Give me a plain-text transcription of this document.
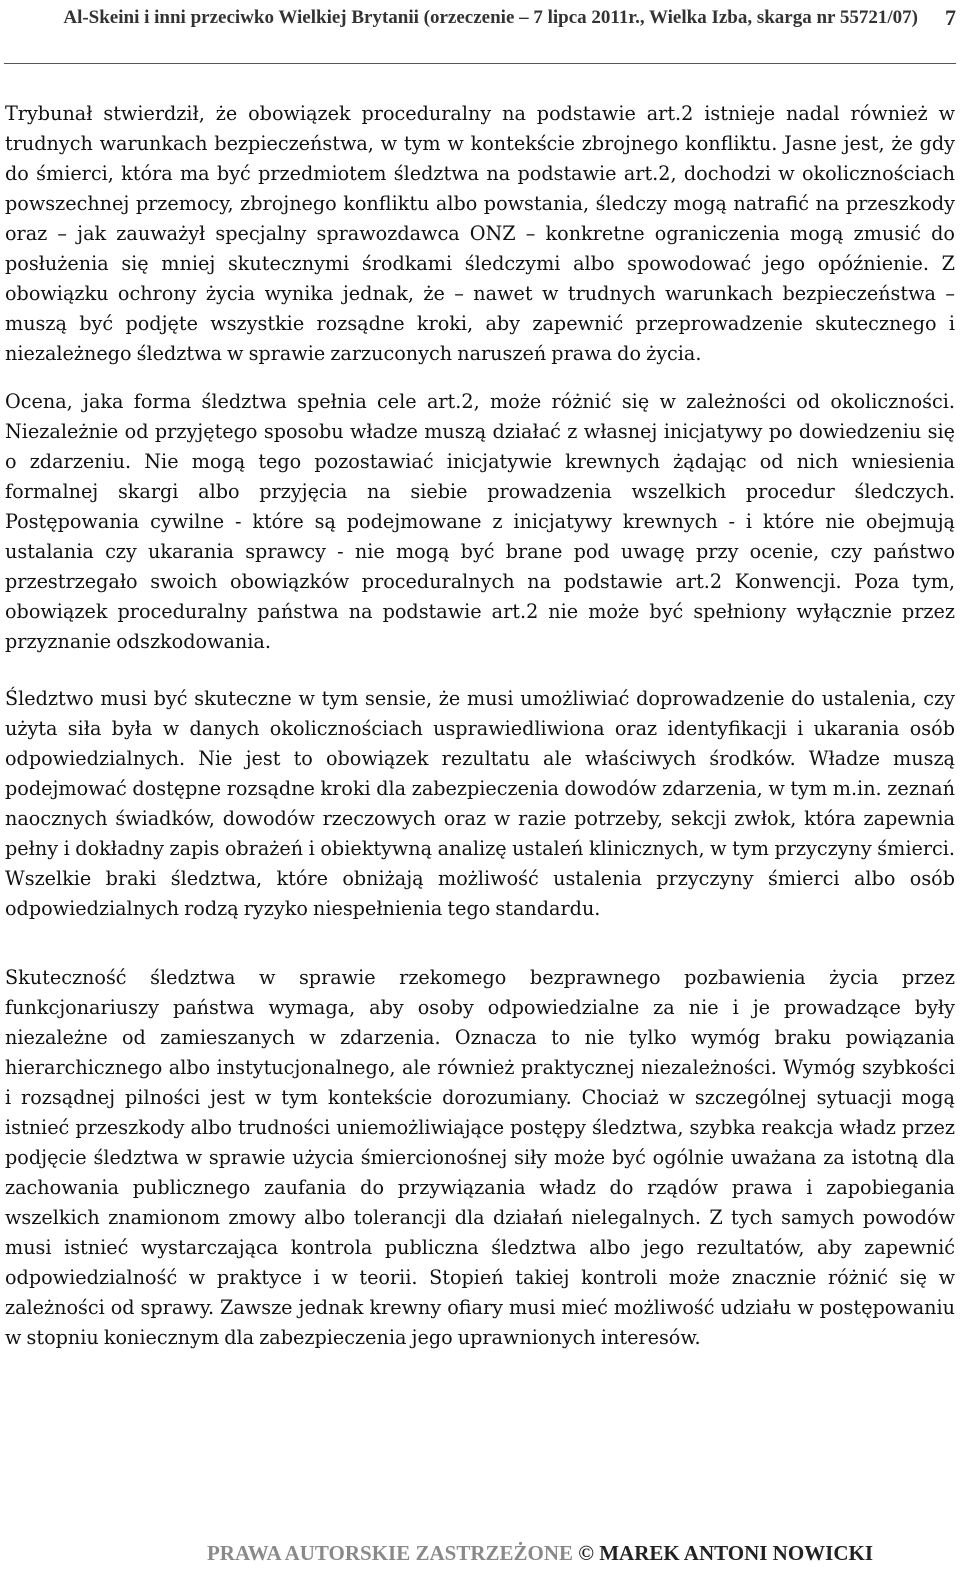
Al-Skeini i inni przeciwko Wielkiej Brytanii (orzeczenie – 7 lipca 2011r., Wielka Izba, skarga nr 55721/07) 7

Trybunał stwierdził, że obowiązek proceduralny na podstawie art.2 istnieje nadal również w trudnych warunkach bezpieczeństwa, w tym w kontekście zbrojnego konfliktu. Jasne jest, że gdy do śmierci, która ma być przedmiotem śledztwa na podstawie art.2, dochodzi w okolicznościach powszechnej przemocy, zbrojnego konfliktu albo powstania, śledczy mogą natrafić na przeszkody oraz – jak zauważył specjalny sprawozdawca ONZ – konkretne ograniczenia mogą zmusić do posłużenia się mniej skutecznymi środkami śledczymi albo spowodować jego opóźnienie. Z obowiązku ochrony życia wynika jednak, że – nawet w trudnych warunkach bezpieczeństwa – muszą być podjęte wszystkie rozsądne kroki, aby zapewnić przeprowadzenie skutecznego i niezależnego śledztwa w sprawie zarzuconych naruszeń prawa do życia.

Ocena, jaka forma śledztwa spełnia cele art.2, może różnić się w zależności od okoliczności. Niezależnie od przyjętego sposobu władze muszą działać z własnej inicjatywy po dowiedzeniu się o zdarzeniu. Nie mogą tego pozostawiać inicjatywie krewnych żądając od nich wniesienia formalnej skargi albo przyjęcia na siebie prowadzenia wszelkich procedur śledczych. Postępowania cywilne - które są podejmowane z inicjatywy krewnych - i które nie obejmują ustalania czy ukarania sprawcy - nie mogą być brane pod uwagę przy ocenie, czy państwo przestrzegało swoich obowiązków proceduralnych na podstawie art.2 Konwencji. Poza tym, obowiązek proceduralny państwa na podstawie art.2 nie może być spełniony wyłącznie przez przyznanie odszkodowania.

Śledztwo musi być skuteczne w tym sensie, że musi umożliwiać doprowadzenie do ustalenia, czy użyta siła była w danych okolicznościach usprawiedliwiona oraz identyfikacji i ukarania osób odpowiedzialnych. Nie jest to obowiązek rezultatu ale właściwych środków. Władze muszą podejmować dostępne rozsądne kroki dla zabezpieczenia dowodów zdarzenia, w tym m.in. zeznań naocznych świadków, dowodów rzeczowych oraz w razie potrzeby, sekcji zwłok, która zapewnia pełny i dokładny zapis obrażeń i obiektywną analizę ustaleń klinicznych, w tym przyczyny śmierci. Wszelkie braki śledztwa, które obniżają możliwość ustalenia przyczyny śmierci albo osób odpowiedzialnych rodzą ryzyko niespełnienia tego standardu.

Skuteczność śledztwa w sprawie rzekomego bezprawnego pozbawienia życia przez funkcjonariuszy państwa wymaga, aby osoby odpowiedzialne za nie i je prowadzące były niezależne od zamieszanych w zdarzenia. Oznacza to nie tylko wymóg braku powiązania hierarchicznego albo instytucjonalnego, ale również praktycznej niezależności. Wymóg szybkości i rozsądnej pilności jest w tym kontekście dorozumiany. Chociaż w szczególnej sytuacji mogą istnieć przeszkody albo trudności uniemożliwiające postępy śledztwa, szybka reakcja władz przez podjęcie śledztwa w sprawie użycia śmiercionośnej siły może być ogólnie uważana za istotną dla zachowania publicznego zaufania do przywiązania władz do rządów prawa i zapobiegania wszelkich znamionom zmowy albo tolerancji dla działań nielegalnych. Z tych samych powodów musi istnieć wystarczająca kontrola publiczna śledztwa albo jego rezultatów, aby zapewnić odpowiedzialność w praktyce i w teorii. Stopień takiej kontroli może znacznie różnić się w zależności od sprawy. Zawsze jednak krewny ofiary musi mieć możliwość udziału w postępowaniu w stopniu koniecznym dla zabezpieczenia jego uprawnionych interesów.

PRAWA AUTORSKIE ZASTRZEŻONE © MAREK ANTONI NOWICKI
